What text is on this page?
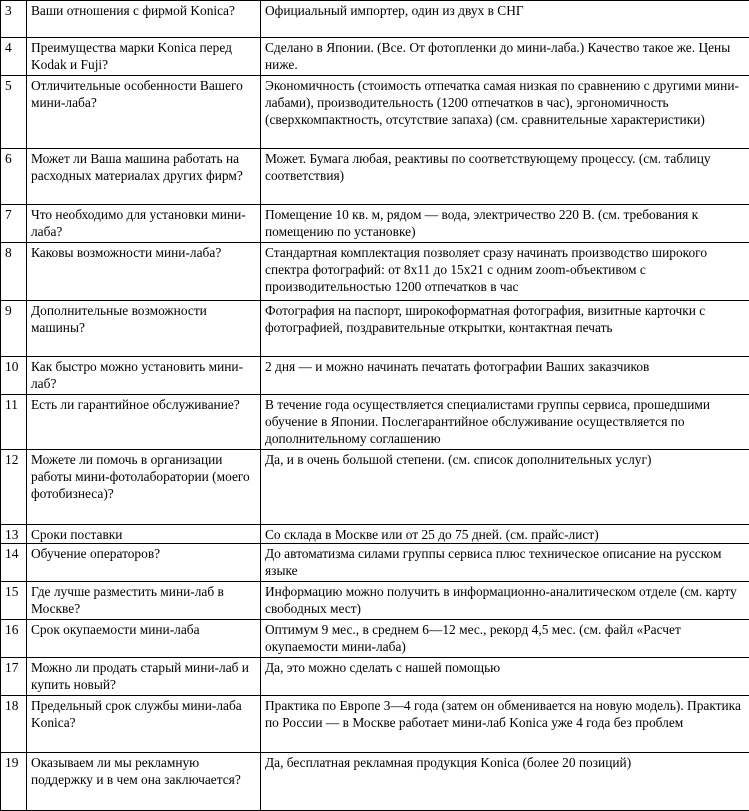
3	Ваши отношения с фирмой Konica?	Официальный импортер, один из двух в СНГ
4	Преимущества марки Konica перед Kodak и Fuji?	Сделано в Японии. (Все. От фотопленки до мини-лаба.) Качество такое же. Цены ниже.
5	Отличительные особенности Вашего мини-лаба?	Экономичность (стоимость отпечатка самая низкая по сравнению с другими мини-лабами), производительность (1200 отпечатков в час), эргономичность (сверхкомпактность, отсутствие запаха) (см. сравнительные характеристики)
6	Может ли Ваша машина работать на расходных материалах других фирм?	Может. Бумага любая, реактивы по соответствующему процессу. (см. таблицу соответствия)
7	Что необходимо для установки мини-лаба?	Помещение 10 кв. м, рядом — вода, электричество 220 В. (см. требования к помещению по установке)
8	Каковы возможности мини-лаба?	Стандартная комплектация позволяет сразу начинать производство широкого спектра фотографий: от 8x11 до 15x21 с одним zoom-объективом с производительностью 1200 отпечатков в час
9	Дополнительные возможности машины?	Фотография на паспорт, широкоформатная фотография, визитные карточки с фотографией, поздравительные открытки, контактная печать
10	Как быстро можно установить мини-лаб?	2 дня — и можно начинать печатать фотографии Ваших заказчиков
11	Есть ли гарантийное обслуживание?	В течение года осуществляется специалистами группы сервиса, прошедшими обучение в Японии. Послегарантийное обслуживание осуществляется по дополнительному соглашению
12	Можете ли помочь в организации работы мини-фотолаборатории (моего фотобизнеса)?	Да, и в очень большой степени. (см. список дополнительных услуг)
13	Сроки поставки	Со склада в Москве или от 25 до 75 дней. (см. прайс-лист)
14	Обучение операторов?	До автоматизма силами группы сервиса плюс техническое описание на русском языке
15	Где лучше разместить мини-лаб в Москве?	Информацию можно получить в информационно-аналитическом отделе (см. карту свободных мест)
16	Срок окупаемости мини-лаба	Оптимум 9 мес., в среднем 6—12 мес., рекорд 4,5 мес. (см. файл «Расчет окупаемости мини-лаба)
17	Можно ли продать старый мини-лаб и купить новый?	Да, это можно сделать с нашей помощью
18	Предельный срок службы мини-лаба Konica?	Практика по Европе 3—4 года (затем он обменивается на новую модель). Практика по России — в Москве работает мини-лаб Konica уже 4 года без проблем
19	Оказываем ли мы рекламную поддержку и в чем она заключается?	Да, бесплатная рекламная продукция Konica (более 20 позиций)
